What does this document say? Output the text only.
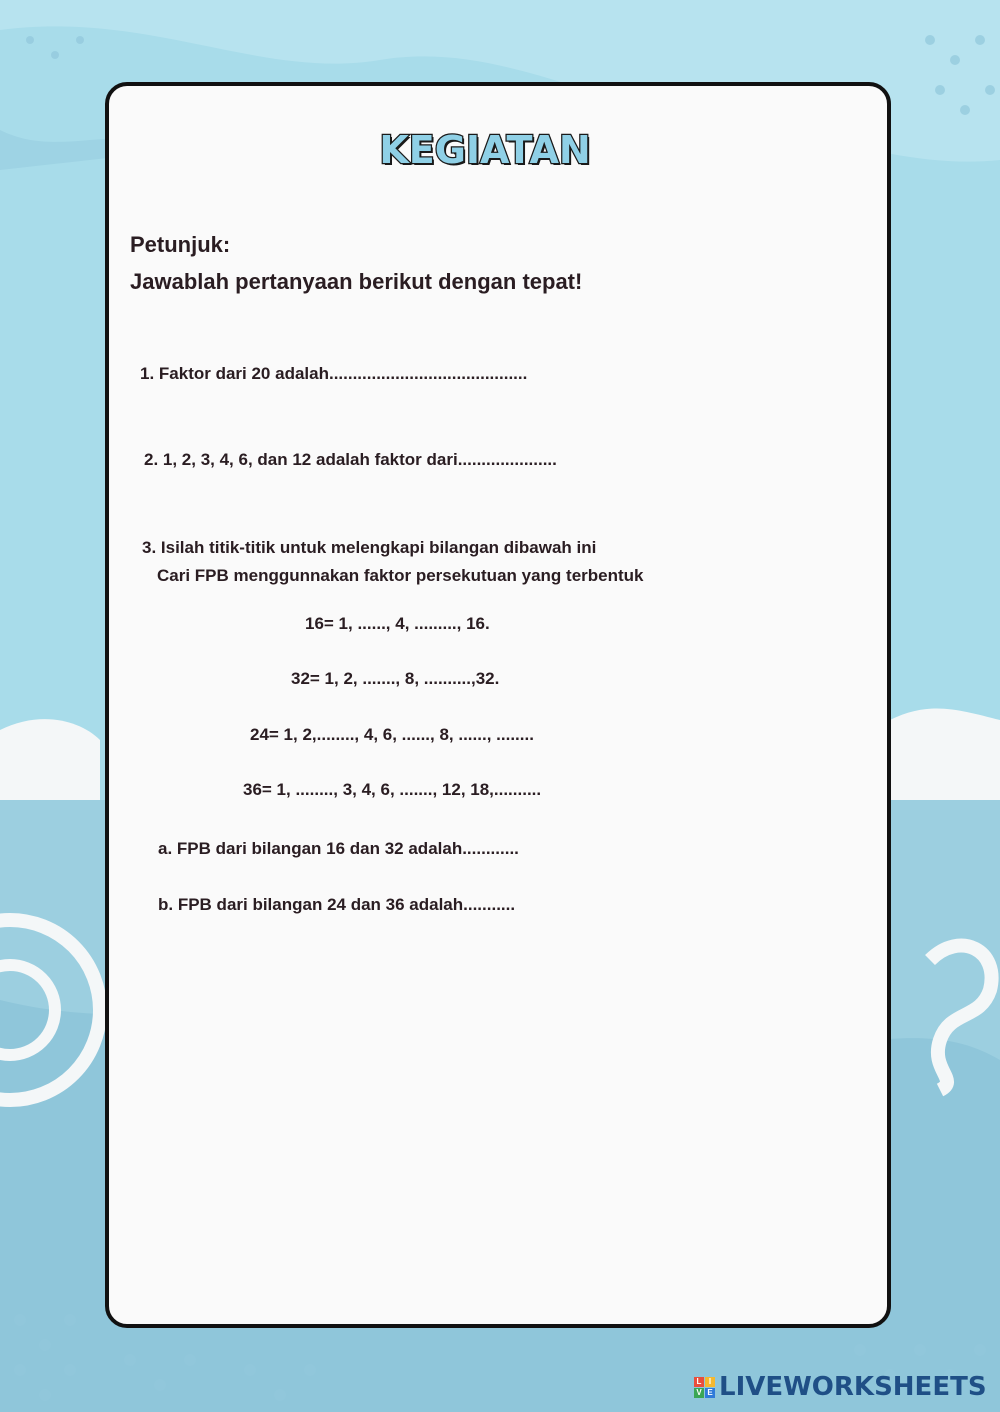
KEGIATAN
Petunjuk:
Jawablah pertanyaan berikut dengan tepat!
1. Faktor dari 20 adalah..........................................
2. 1, 2, 3, 4, 6, dan 12 adalah faktor dari.....................
3. Isilah titik-titik untuk melengkapi bilangan dibawah ini
Cari FPB menggunnakan faktor persekutuan yang terbentuk
16= 1, ......, 4, ........., 16.
32= 1, 2, ......., 8, ..........,32.
24= 1, 2,........, 4, 6, ......, 8, ......, ........
36= 1, ........, 3, 4, 6, ......., 12, 18,..........
a. FPB dari bilangan 16 dan 32 adalah............
b. FPB dari bilangan 24 dan 36 adalah...........
L I
V E LIVEWORKSHEETS
